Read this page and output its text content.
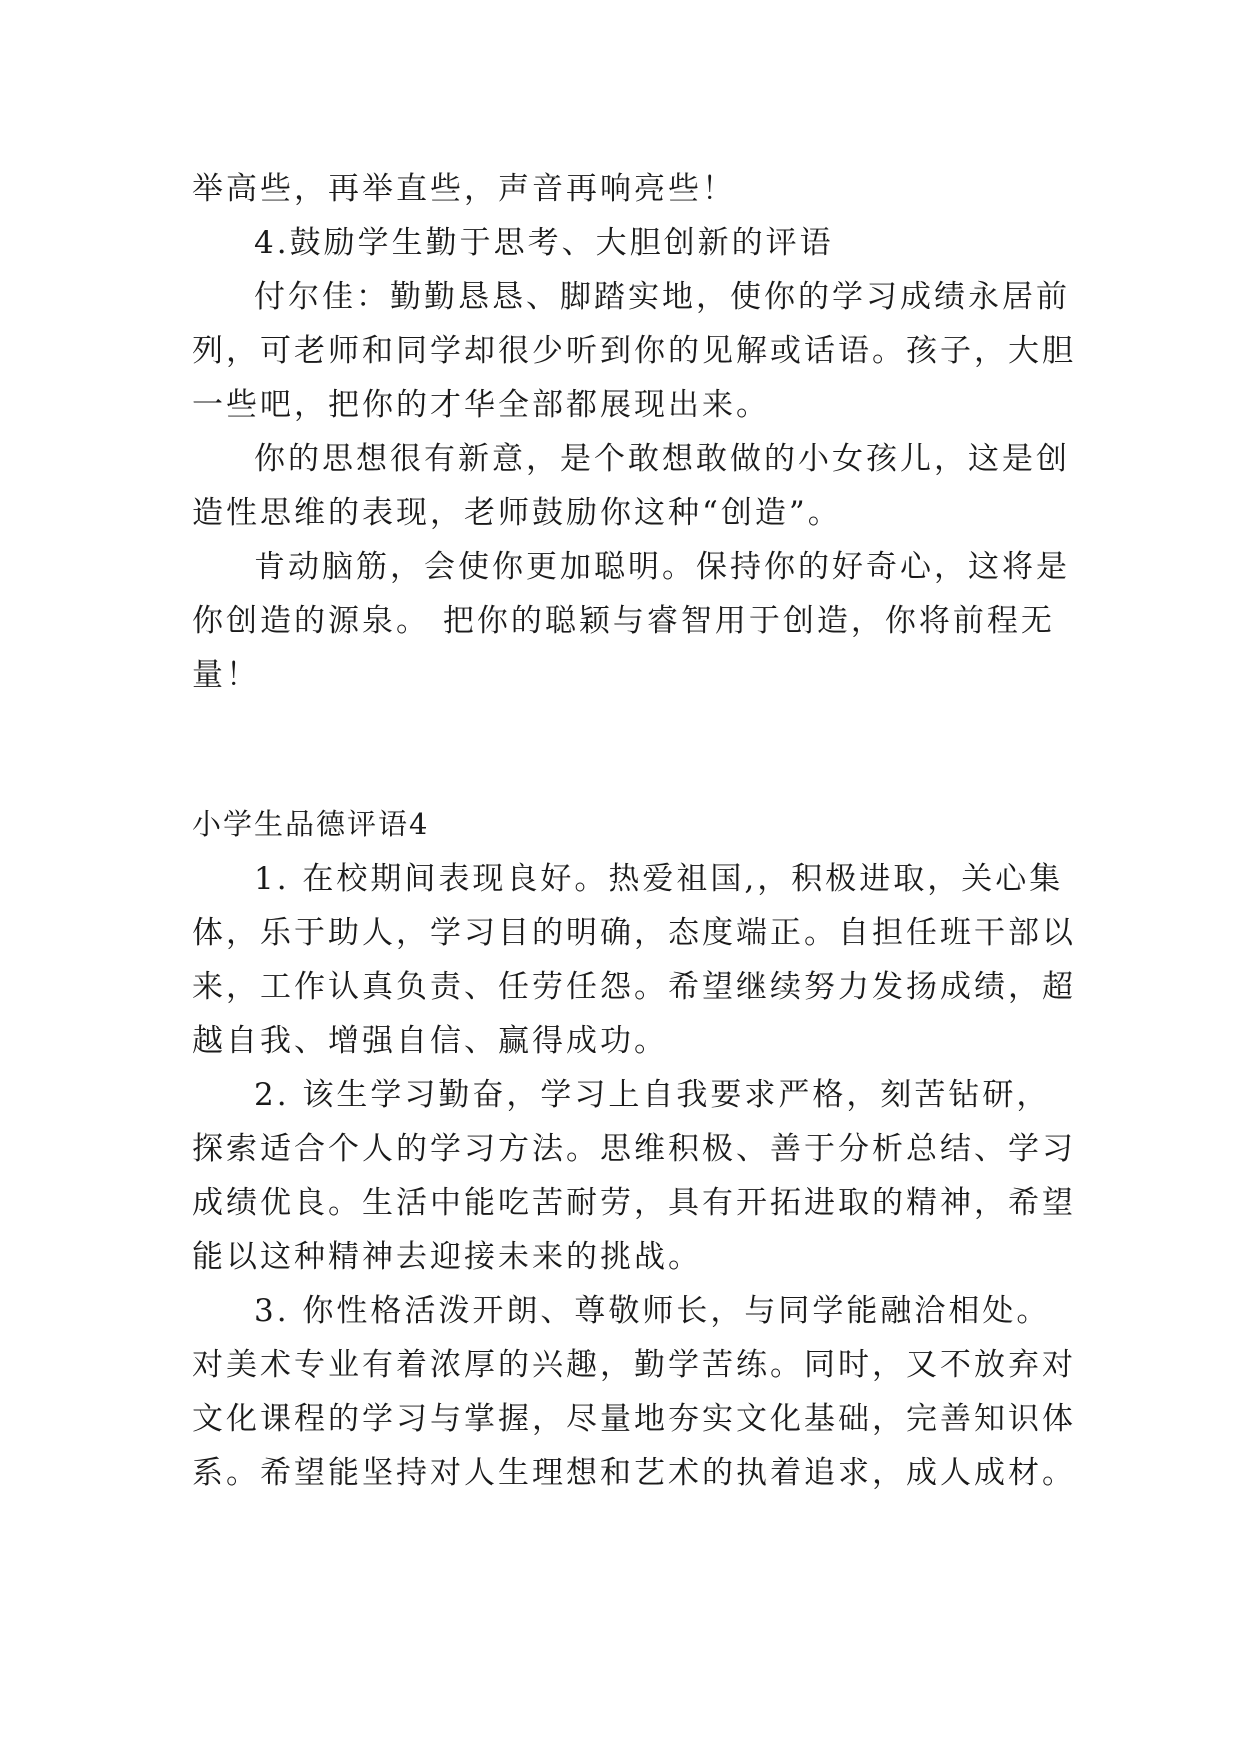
举高些，再举直些，声音再响亮些！
4.鼓励学生勤于思考、大胆创新的评语
付尔佳：勤勤恳恳、脚踏实地，使你的学习成绩永居前
列，可老师和同学却很少听到你的见解或话语。孩子，大胆
一些吧，把你的才华全部都展现出来。
你的思想很有新意，是个敢想敢做的小女孩儿，这是创
造性思维的表现，老师鼓励你这种“创造”。
肯动脑筋，会使你更加聪明。保持你的好奇心，这将是
你创造的源泉。 把你的聪颖与睿智用于创造，你将前程无
量！
小学生品德评语4
1. 在校期间表现良好。热爱祖国,，积极进取，关心集
体，乐于助人，学习目的明确，态度端正。自担任班干部以
来，工作认真负责、任劳任怨。希望继续努力发扬成绩，超
越自我、增强自信、赢得成功。
2. 该生学习勤奋，学习上自我要求严格，刻苦钻研，
探索适合个人的学习方法。思维积极、善于分析总结、学习
成绩优良。生活中能吃苦耐劳，具有开拓进取的精神，希望
能以这种精神去迎接未来的挑战。
3. 你性格活泼开朗、尊敬师长，与同学能融洽相处。
对美术专业有着浓厚的兴趣，勤学苦练。同时，又不放弃对
文化课程的学习与掌握，尽量地夯实文化基础，完善知识体
系。希望能坚持对人生理想和艺术的执着追求，成人成材。
